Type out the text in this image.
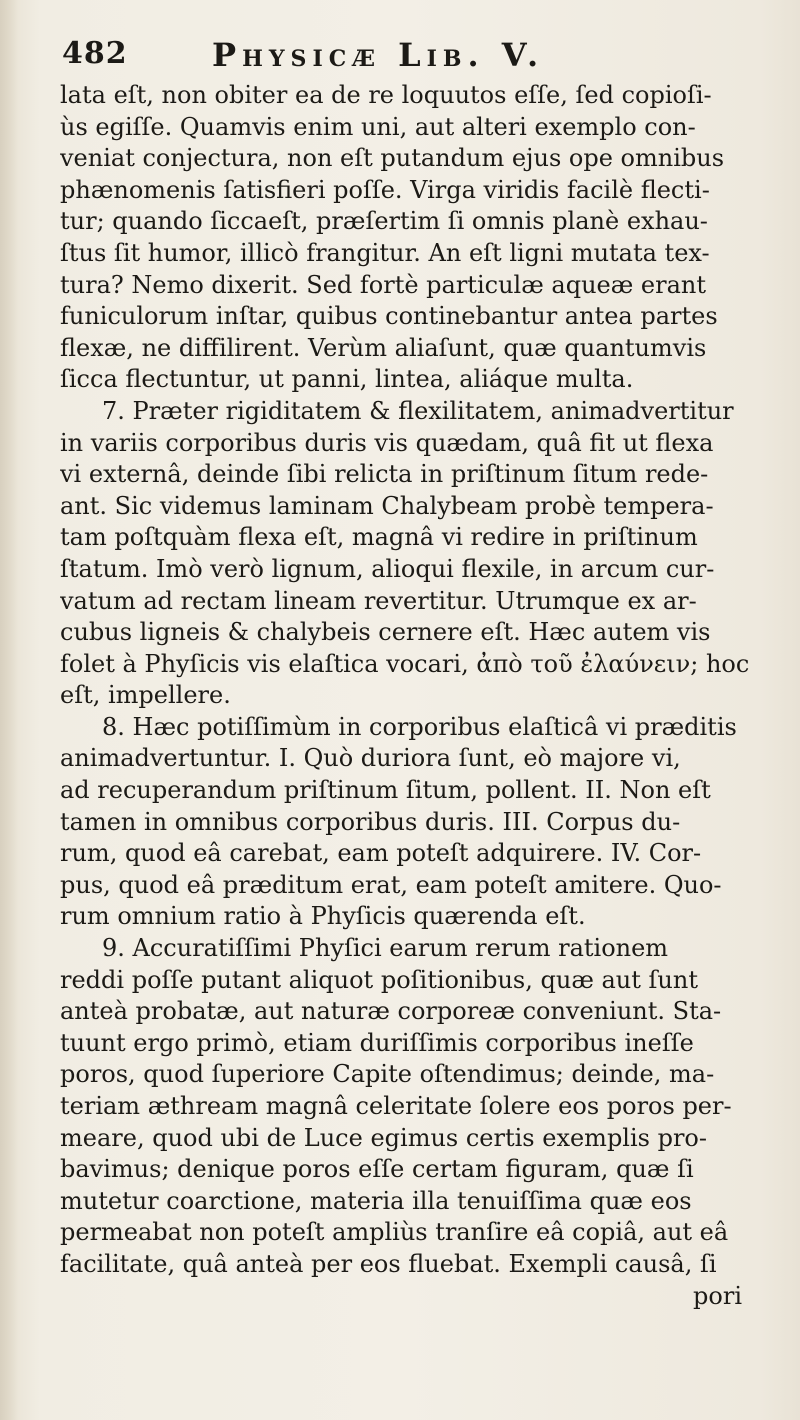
482	Physicæ Lib. V.
lata eſt, non obiter ea de re loquutos eſſe, ſed copioſi-
ùs egiſſe. Quamvis enim uni, aut alteri exemplo con-
veniat conjectura, non eſt putandum ejus ope omnibus
phænomenis ſatisfieri poſſe. Virga viridis facilè flecti-
tur; quando ſiccaeſt, præſertim ſi omnis planè exhau-
ſtus ſit humor, illicò frangitur. An eſt ligni mutata tex-
tura? Nemo dixerit. Sed fortè particulæ aqueæ erant
funiculorum inſtar, quibus continebantur antea partes
flexæ, ne diffilirent. Verùm aliaſunt, quæ quantumvis
ſicca flectuntur, ut panni, lintea, aliáque multa.
7. Præter rigiditatem & flexilitatem, animadvertitur
in variis corporibus duris vis quædam, quâ fit ut flexa
vi externâ, deinde ſibi relicta in priſtinum ſitum rede-
ant. Sic videmus laminam Chalybeam probè tempera-
tam poſtquàm flexa eſt, magnâ vi redire in priſtinum
ſtatum. Imò verò lignum, alioqui flexile, in arcum cur-
vatum ad rectam lineam revertitur. Utrumque ex ar-
cubus ligneis & chalybeis cernere eſt. Hæc autem vis
folet à Phyſicis vis elaſtica vocari, ἀπὸ τοῦ ἐλαύνειν; hoc
eſt, impellere.
8. Hæc potiſſimùm in corporibus elaſticâ vi præditis
animadvertuntur. I. Quò duriora ſunt, eò majore vi,
ad recuperandum priſtinum ſitum, pollent. II. Non eſt
tamen in omnibus corporibus duris. III. Corpus du-
rum, quod eâ carebat, eam poteſt adquirere. IV. Cor-
pus, quod eâ præditum erat, eam poteſt amitere. Quo-
rum omnium ratio à Phyſicis quærenda eſt.
9. Accuratiſſimi Phyſici earum rerum rationem
reddi poſſe putant aliquot poſitionibus, quæ aut ſunt
anteà probatæ, aut naturæ corporeæ conveniunt. Sta-
tuunt ergo primò, etiam duriſſimis corporibus ineſſe
poros, quod ſuperiore Capite oſtendimus; deinde, ma-
teriam æthream magnâ celeritate ſolere eos poros per-
meare, quod ubi de Luce egimus certis exemplis pro-
bavimus; denique poros eſſe certam figuram, quæ ſi
mutetur coarctione, materia illa tenuiſſima quæ eos
permeabat non poteſt ampliùs tranſire eâ copiâ, aut eâ
facilitate, quâ anteà per eos fluebat. Exempli causâ, ſi
pori
